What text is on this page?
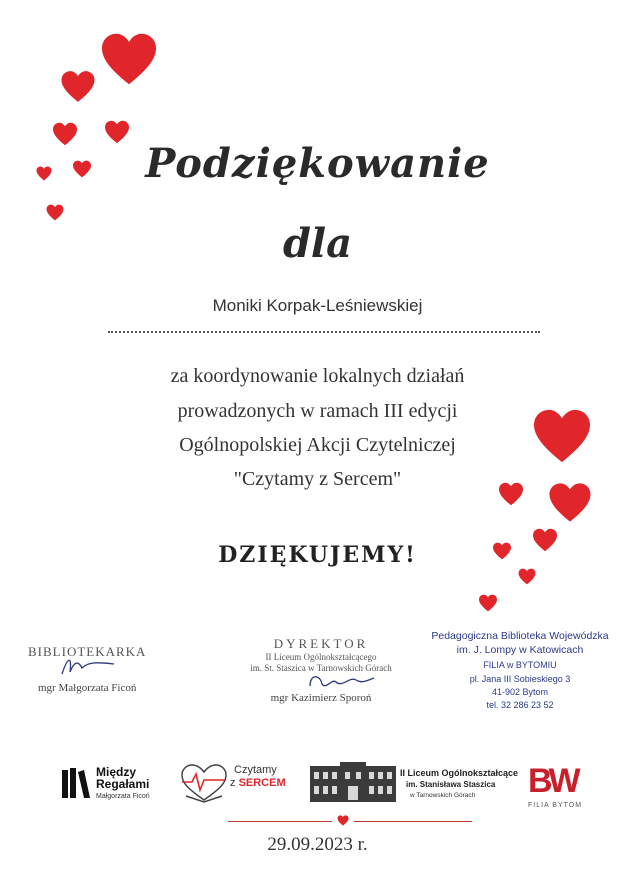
Podziękowanie
dla
Moniki Korpak-Leśniewskiej
za koordynowanie lokalnych działań
prowadzonych w ramach III edycji
Ogólnopolskiej Akcji Czytelniczej
"Czytamy z Sercem"
DZIĘKUJEMY!
BIBLIOTEKARKA
mgr Małgorzata Ficoń
DYREKTOR
II Liceum Ogólnokształcącego
im. St. Staszica w Tarnowskich Górach
mgr Kazimierz Sporoń
Pedagogiczna Biblioteka Wojewódzka
im. J. Lompy w Katowicach
FILIA w BYTOMIU
pl. Jana III Sobieskiego 3
41-902 Bytom
tel. 32 286 23 52
Między
Regałami
Małgorzata Ficoń
Czytamy
z SERCEM
II Liceum Ogólnokształcące
im. Stanisława Staszica
w Tarnowskich Górach BW
FILIA BYTOM
29.09.2023 r.
